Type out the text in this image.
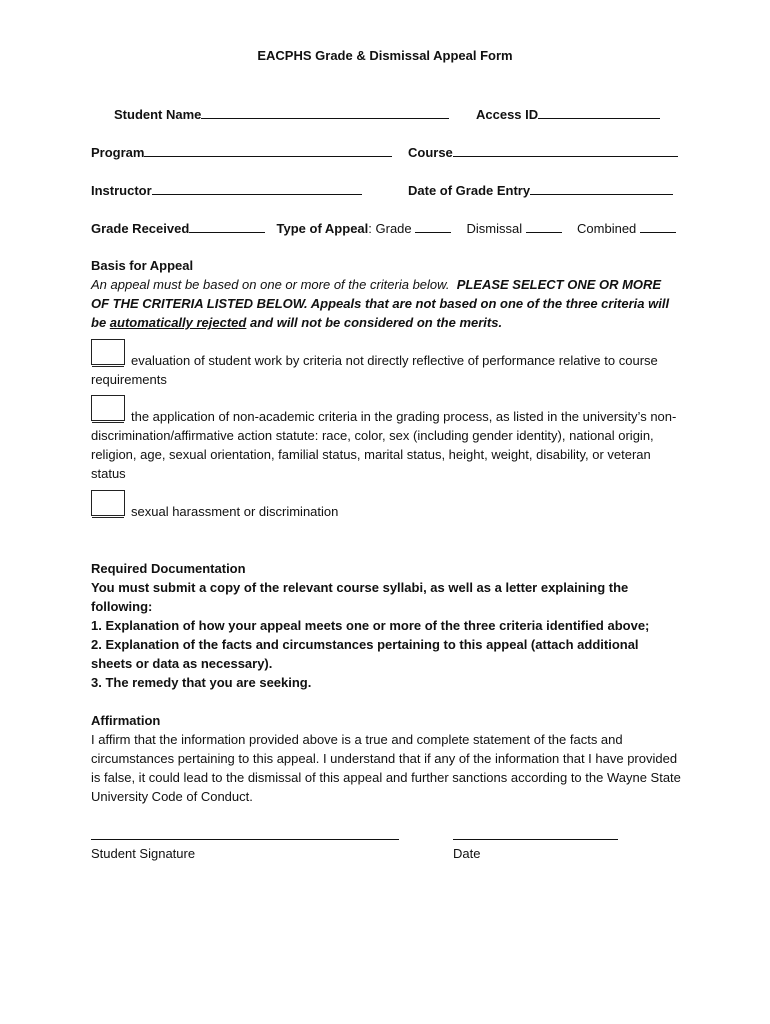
EACPHS Grade & Dismissal Appeal Form
Student Name	Access ID
Program	Course
Instructor	Date of Grade Entry
Grade Received	Type of Appeal: Grade	Dismissal	Combined
Basis for Appeal
An appeal must be based on one or more of the criteria below. PLEASE SELECT ONE OR MORE OF THE CRITERIA LISTED BELOW. Appeals that are not based on one of the three criteria will be automatically rejected and will not be considered on the merits.
evaluation of student work by criteria not directly reflective of performance relative to course requirements
the application of non-academic criteria in the grading process, as listed in the university’s non-discrimination/affirmative action statute: race, color, sex (including gender identity), national origin, religion, age, sexual orientation, familial status, marital status, height, weight, disability, or veteran status
sexual harassment or discrimination
Required Documentation
You must submit a copy of the relevant course syllabi, as well as a letter explaining the following:
1. Explanation of how your appeal meets one or more of the three criteria identified above;
2. Explanation of the facts and circumstances pertaining to this appeal (attach additional sheets or data as necessary).
3. The remedy that you are seeking.
Affirmation
I affirm that the information provided above is a true and complete statement of the facts and circumstances pertaining to this appeal. I understand that if any of the information that I have provided is false, it could lead to the dismissal of this appeal and further sanctions according to the Wayne State University Code of Conduct.
Student Signature	Date
